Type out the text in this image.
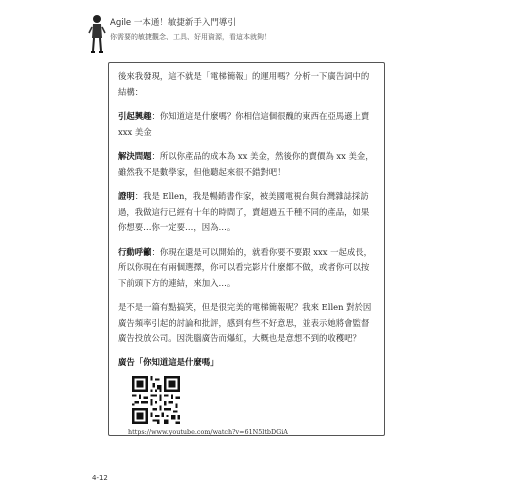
Agile 一本通！敏捷新手入門導引
你需要的敏捷觀念、工具、好用資源，看這本就夠！

後來我發現，這不就是「電梯簡報」的運用嗎？分析一下廣告詞中的結構：

引起興趣：你知道這是什麼嗎？你相信這個很醜的東西在亞馬遜上賣 xxx 美金

解決問題：所以你產品的成本為 xx 美金，然後你的賣價為 xx 美金，雖然我不是數學家，但他聽起來很不錯對吧！

證明：我是 Ellen，我是暢銷書作家，被美國電視台與台灣雜誌採訪過，我做這行已經有十年的時間了，賣超過五千種不同的產品，如果你想要…你一定要…，因為…。

行動呼籲：你現在還是可以開始的，就看你要不要跟 xxx 一起成長，所以你現在有兩個選擇，你可以看完影片什麼都不做，或者你可以按下前頭下方的連結，來加入…。

是不是一篇有點搞笑，但是很完美的電梯簡報呢？我來 Ellen 對於因廣告頻率引起的討論和批評，感到有些不好意思，並表示她將會監督廣告投放公司。因洗腦廣告而爆紅，大概也是意想不到的收穫吧？

廣告「你知道這是什麼嗎」
https://www.youtube.com/watch?v=61N5ltbDGiA
4-12
